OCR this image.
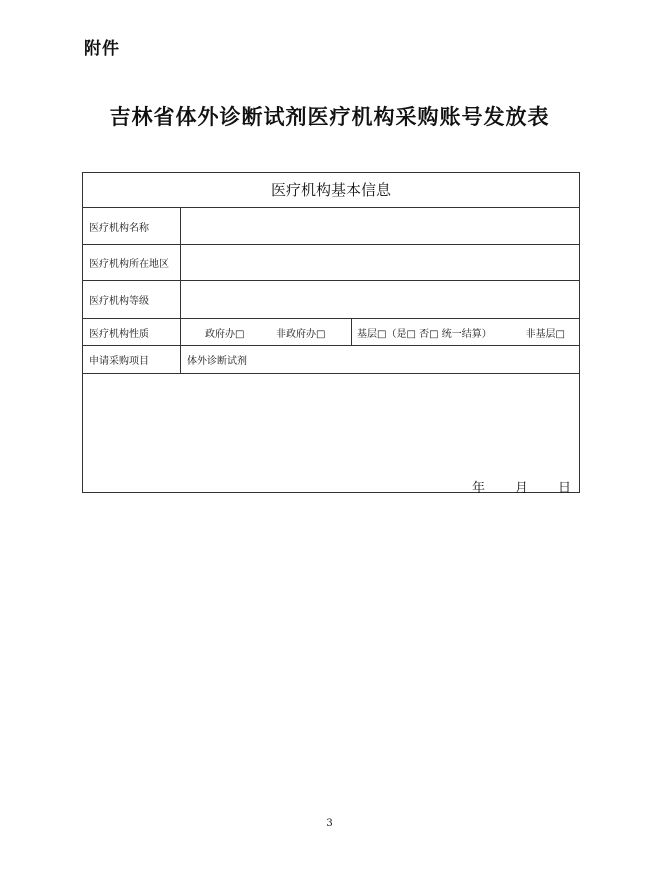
附件
吉林省体外诊断试剂医疗机构采购账号发放表
医疗机构基本信息
医疗机构名称
医疗机构所在地区
医疗机构等级
医疗机构性质	政府办□	非政府办□	基层□（是□ 否□ 统一结算）	非基层□
申请采购项目	体外诊断试剂
年 月 日
3
